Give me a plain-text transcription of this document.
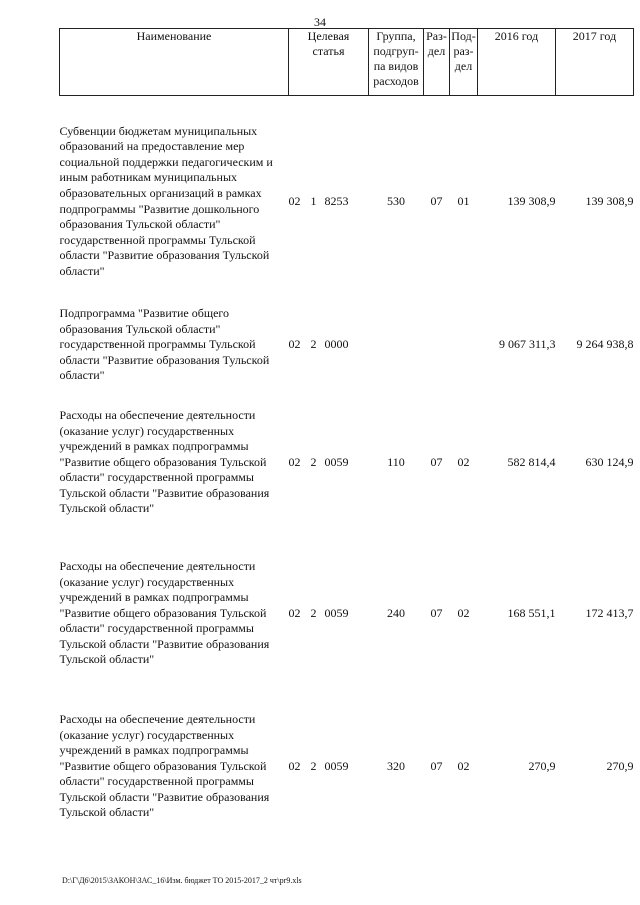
34
Наименование	Целевая статья	Группа, подгруп-па видов расходов	Раз-дел	Под-раз-дел	2016 год	2017 год

Субвенции бюджетам муниципальных образований на предоставление мер социальной поддержки педагогическим и иным работникам муниципальных образовательных организаций в рамках подпрограммы "Развитие дошкольного образования Тульской области" государственной программы Тульской области "Развитие образования Тульской области"	02 1 8253	530	07	01	139 308,9	139 308,9

Подпрограмма "Развитие общего образования Тульской области" государственной программы Тульской области "Развитие образования Тульской области"	02 2 0000				9 067 311,3	9 264 938,8

Расходы на обеспечение деятельности (оказание услуг) государственных учреждений в рамках подпрограммы "Развитие общего образования Тульской области" государственной программы Тульской области "Развитие образования Тульской области"	02 2 0059	110	07	02	582 814,4	630 124,9

Расходы на обеспечение деятельности (оказание услуг) государственных учреждений в рамках подпрограммы "Развитие общего образования Тульской области" государственной программы Тульской области "Развитие образования Тульской области"	02 2 0059	240	07	02	168 551,1	172 413,7

Расходы на обеспечение деятельности (оказание услуг) государственных учреждений в рамках подпрограммы "Развитие общего образования Тульской области" государственной программы Тульской области "Развитие образования Тульской области"	02 2 0059	320	07	02	270,9	270,9
D:\Г\Д6\2015\ЗАКОН\ЗАС_16\Изм. бюджет ТО 2015-2017_2 чт\pr9.xls
